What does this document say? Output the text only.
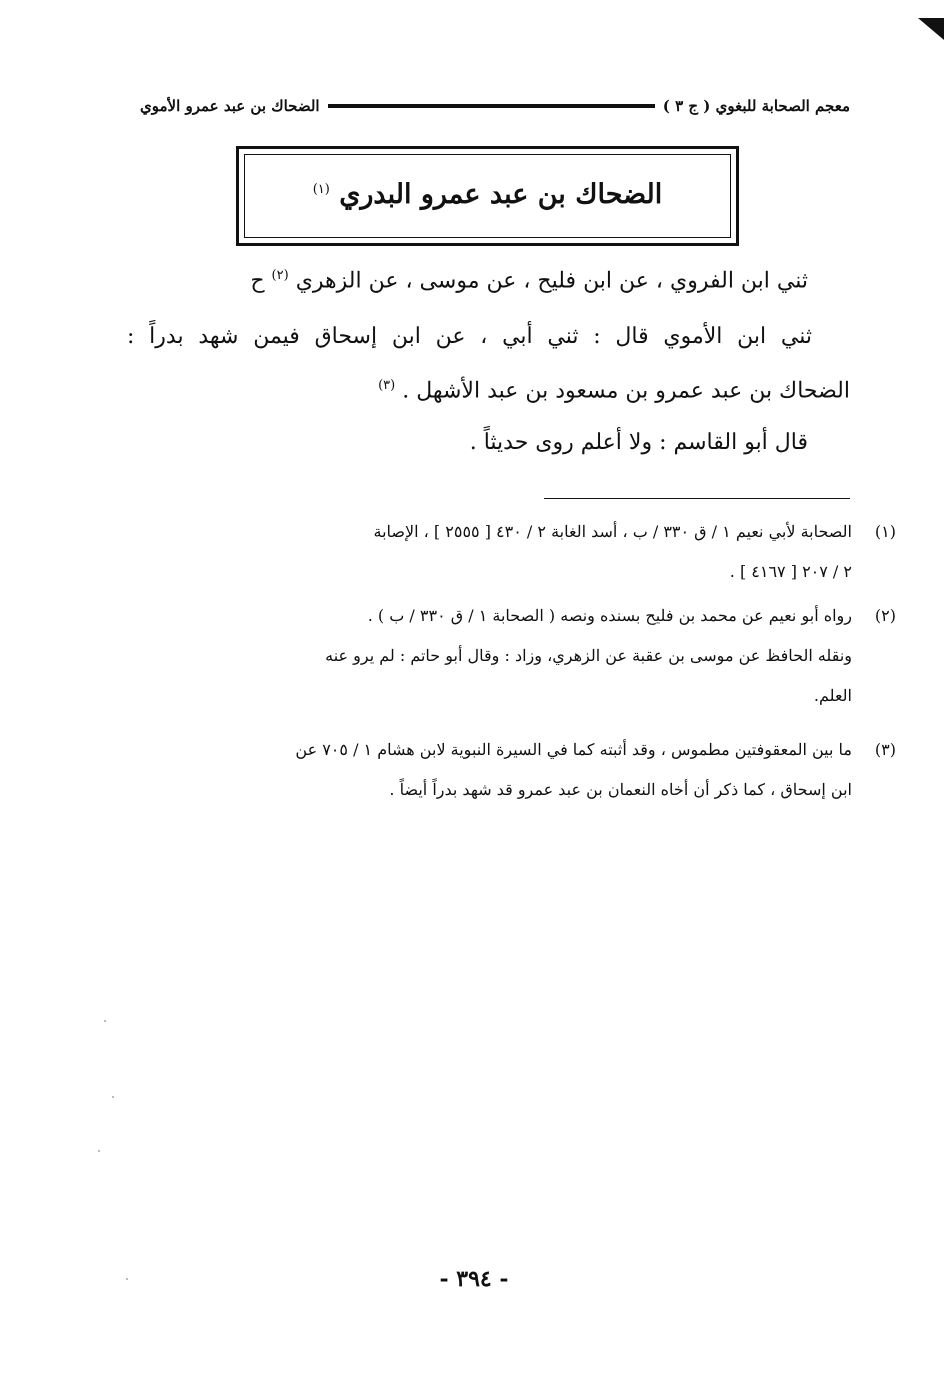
معجم الصحابة للبغوي ( ج ٣ )
الضحاك بن عبد عمرو الأموي
الضحاك بن عبد عمرو البدري $^{(١)}$
ثني ابن الفروي ، عن ابن فليح ، عن موسى ، عن الزهري $^{(٢)}$ ح
ثني ابن الأموي قال : ثني أبي ، عن ابن إسحاق فيمن شهد بدراً :
الضحاك بن عبد عمرو بن مسعود بن عبد الأشهل . $^{(٣)}$
قال أبو القاسم : ولا أعلم روى حديثاً .
(١)
الصحابة لأبي نعيم ١ / ق ٣٣٠ / ب ، أسد الغابة ٢ / ٤٣٠ [ ٢٥٥٥ ] ، الإصابة
٢ / ٢٠٧ [ ٤١٦٧ ] .
(٢)
رواه أبو نعيم عن محمد بن فليح بسنده ونصه ( الصحابة ١ / ق ٣٣٠ / ب ) .
ونقله الحافظ عن موسى بن عقبة عن الزهري، وزاد : وقال أبو حاتم : لم يرو عنه
العلم.
(٣)
ما بين المعقوفتين مطموس ، وقد أثبته كما في السيرة النبوية لابن هشام ١ / ٧٠٥ عن
ابن إسحاق ، كما ذكر أن أخاه النعمان بن عبد عمرو قد شهد بدراً أيضاً .
- ٣٩٤ -
